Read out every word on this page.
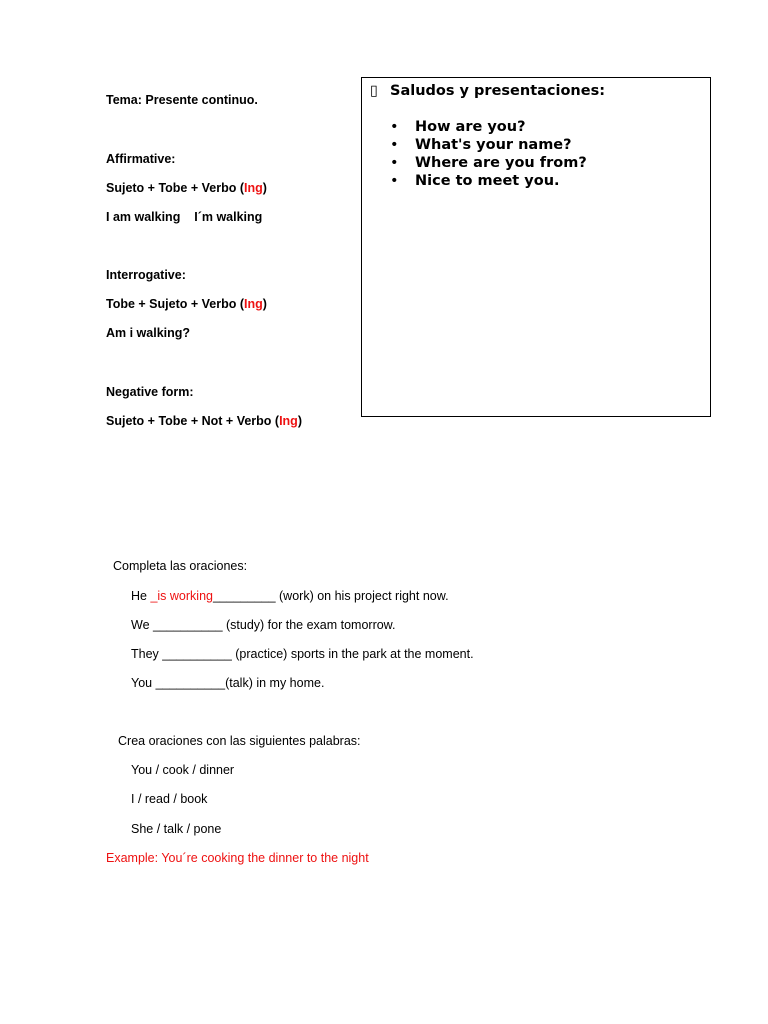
Tema: Presente continuo.
Affirmative:
Sujeto + Tobe + Verbo (Ing)
I am walking    I´m walking
Interrogative:
Tobe + Sujeto + Verbo (Ing)
Am i walking?
Negative form:
Sujeto + Tobe + Not + Verbo (Ing)
▯ Saludos y presentaciones:
• How are you?
• What's your name?
• Where are you from?
• Nice to meet you.
Completa las oraciones:
He _is working_________ (work) on his project right now.
We __________ (study) for the exam tomorrow.
They __________ (practice) sports in the park at the moment.
You __________(talk) in my home.
Crea oraciones con las siguientes palabras:
You / cook / dinner
I / read / book
She / talk / pone
Example: You´re cooking the dinner to the night
